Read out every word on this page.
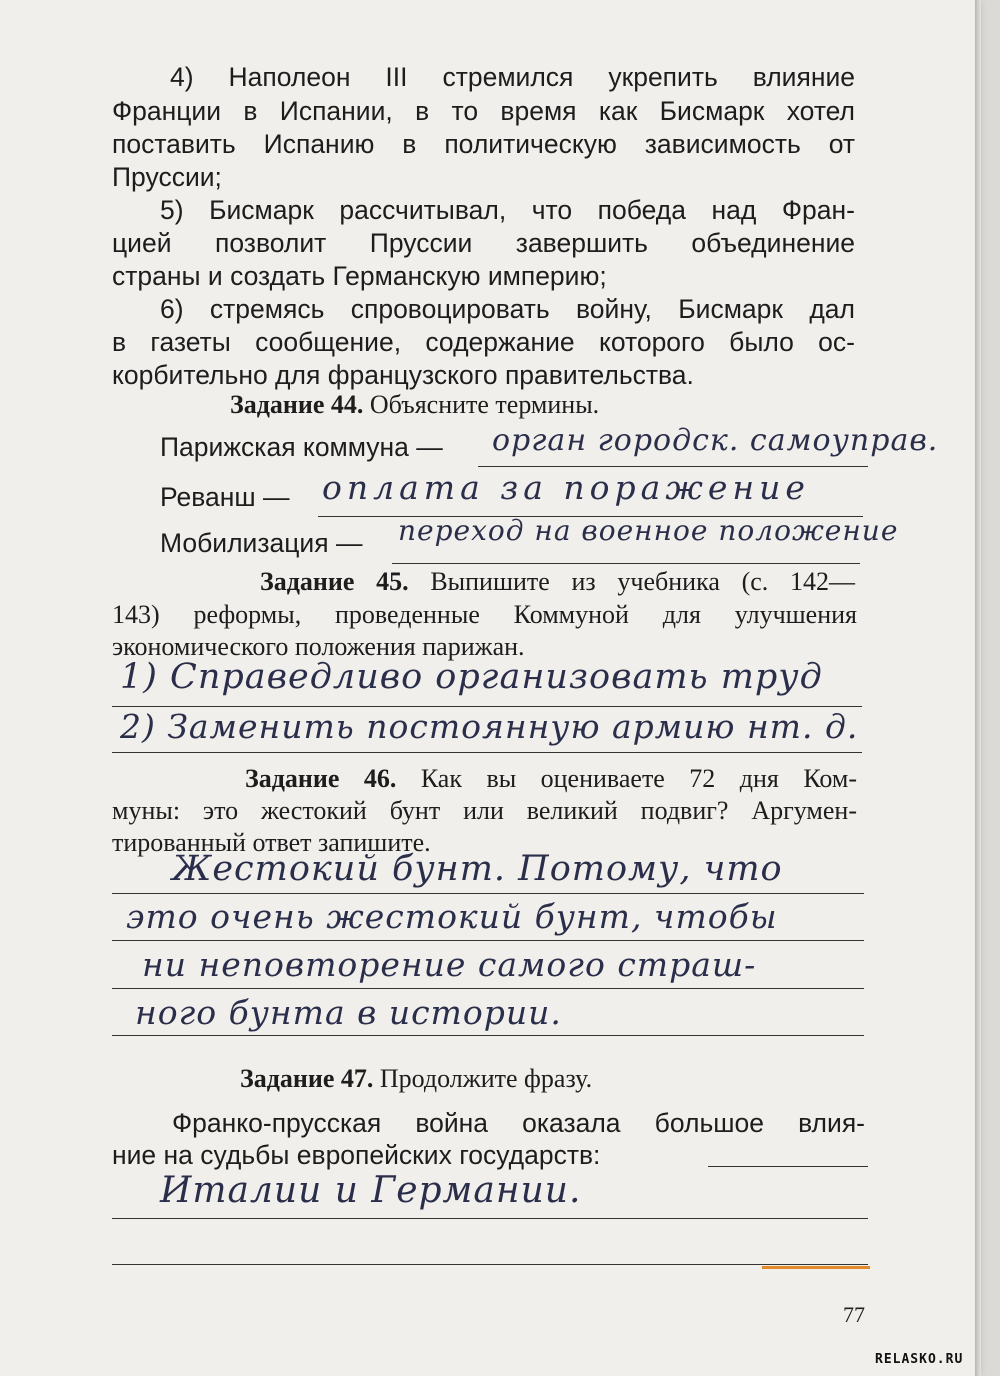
4) Наполеон III стремился укрепить влияние
Франции в Испании, в то время как Бисмарк хотел
поставить Испанию в политическую зависимость от
Пруссии;
5) Бисмарк рассчитывал, что победа над Фран-
цией позволит Пруссии завершить объединение
страны и создать Германскую империю;
6) стремясь спровоцировать войну, Бисмарк дал
в газеты сообщение, содержание которого было ос-
корбительно для французского правительства.
Задание 44. Объясните термины.
Парижская коммуна — орган городск. самоуправ.
Реванш — оплата за поражение
Мобилизация — переход на военное положение
Задание 45. Выпишите из учебника (с. 142—
143) реформы, проведенные Коммуной для улучшения
экономического положения парижан.
1) Справедливо организовать труд
2) Заменить постоянную армию нт. д.
Задание 46. Как вы оцениваете 72 дня Ком-
муны: это жестокий бунт или великий подвиг? Аргумен-
тированный ответ запишите.
Жестокий бунт. Потому, что
это очень жестокий бунт, чтобы
ни неповторение самого страш-
ного бунта в истории.
Задание 47. Продолжите фразу.
Франко-прусская война оказала большое влия-
ние на судьбы европейских государств:
Италии и Германии.
77
RELASKO.RU
